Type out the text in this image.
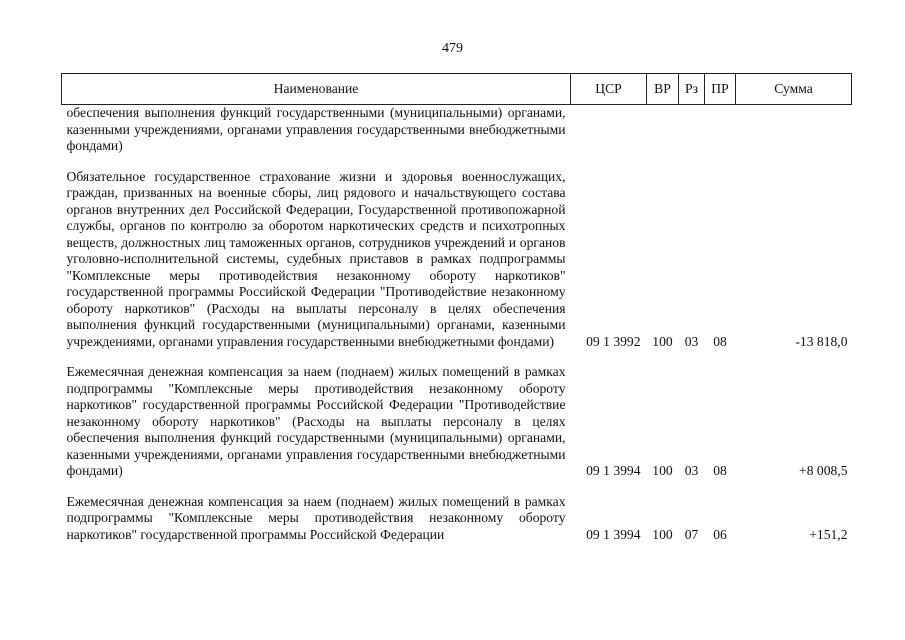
479
Наименование	ЦСР	ВР	Рз	ПР	Сумма
обеспечения выполнения функций государственными (муниципальными) органами, казенными учреждениями, органами управления государственными внебюджетными фондами)					

Обязательное государственное страхование жизни и здоровья военнослужащих, граждан, призванных на военные сборы, лиц рядового и начальствующего состава органов внутренних дел Российской Федерации, Государственной противопожарной службы, органов по контролю за оборотом наркотических средств и психотропных веществ, должностных лиц таможенных органов, сотрудников учреждений и органов уголовно-исполнительной системы, судебных приставов в рамках подпрограммы "Комплексные меры противодействия незаконному обороту наркотиков" государственной программы Российской Федерации "Противодействие незаконному обороту наркотиков" (Расходы на выплаты персоналу в целях обеспечения выполнения функций государственными (муниципальными) органами, казенными учреждениями, органами управления государственными внебюджетными фондами)	09 1 3992	100	03	08	-13 818,0

Ежемесячная денежная компенсация за наем (поднаем) жилых помещений в рамках подпрограммы "Комплексные меры противодействия незаконному обороту наркотиков" государственной программы Российской Федерации "Противодействие незаконному обороту наркотиков" (Расходы на выплаты персоналу в целях обеспечения выполнения функций государственными (муниципальными) органами, казенными учреждениями, органами управления государственными внебюджетными фондами)	09 1 3994	100	03	08	+8 008,5

Ежемесячная денежная компенсация за наем (поднаем) жилых помещений в рамках подпрограммы "Комплексные меры противодействия незаконному обороту наркотиков" государственной программы Российской Федерации	09 1 3994	100	07	06	+151,2
